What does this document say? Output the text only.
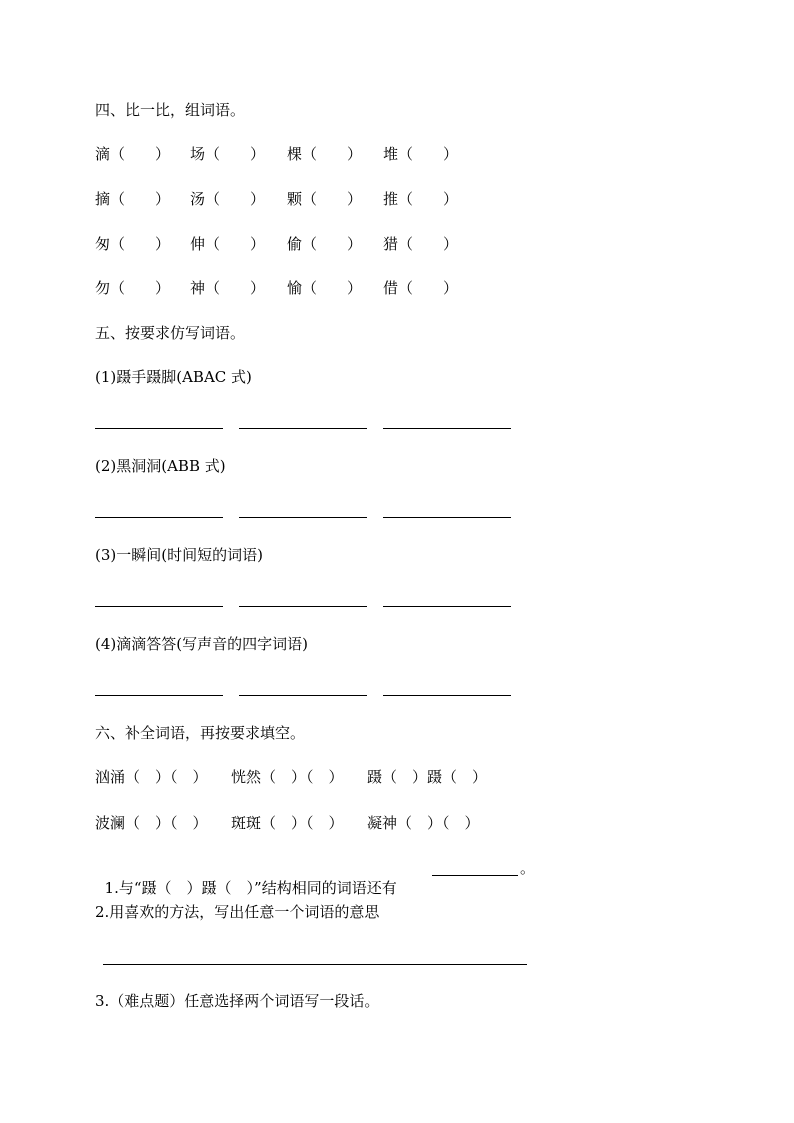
四、比一比，组词语。
滴（　　） 场（　　） 棵（　　） 堆（　　）
摘（　　） 汤（　　） 颗（　　） 推（　　）
匆（　　） 伸（　　） 偷（　　） 猎（　　）
勿（　　） 神（　　） 愉（　　） 借（　　）
五、按要求仿写词语。
(1)蹑手蹑脚(ABAC 式)
(2)黑洞洞(ABB 式)
(3)一瞬间(时间短的词语)
(4)滴滴答答(写声音的四字词语)
六、补全词语，再按要求填空。
汹涌（　）（　） 恍然（　）（　） 蹑（　）蹑（　）
波澜（　）（　） 斑斑（　）（　） 凝神（　）（　）

1.与“蹑（　）蹑（　）”结构相同的词语还有

。
2.用喜欢的方法，写出任意一个词语的意思
3.（难点题）任意选择两个词语写一段话。
